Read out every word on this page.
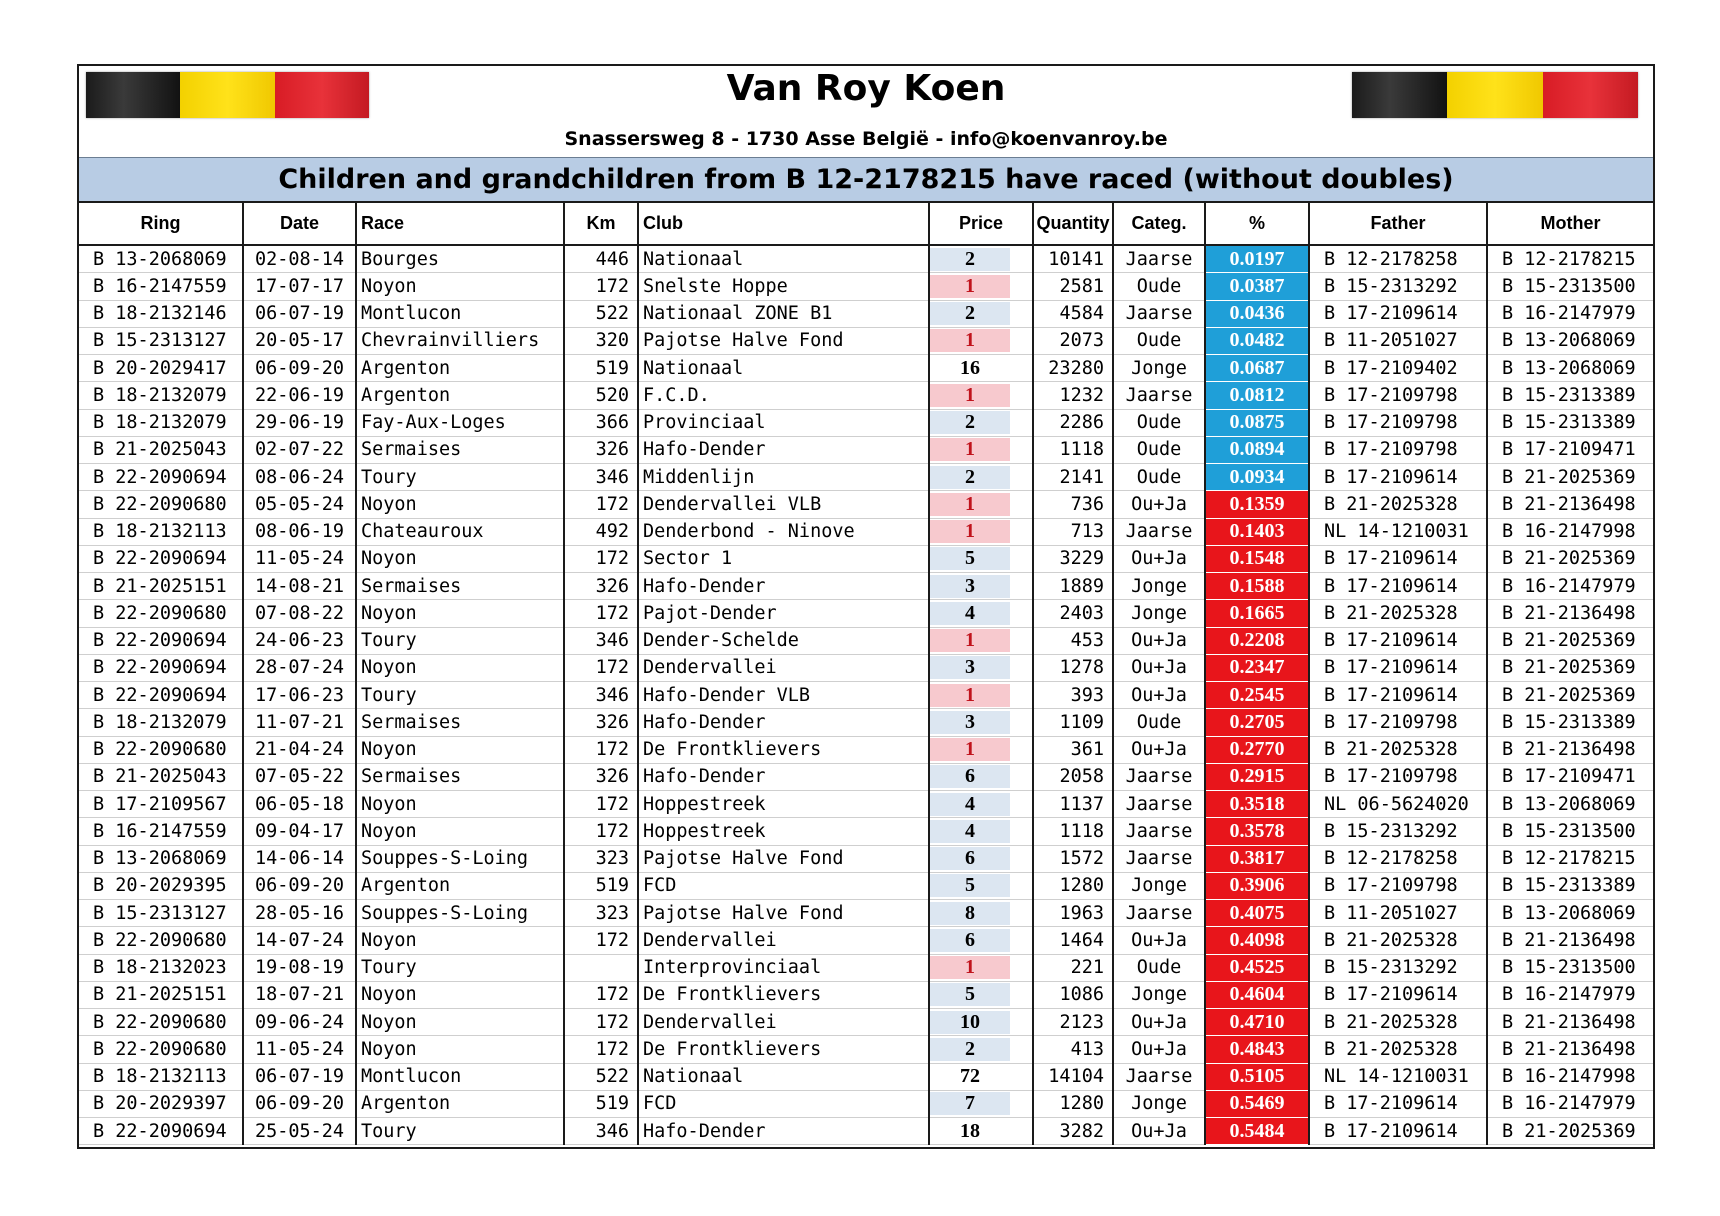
Van Roy Koen
Snassersweg 8 - 1730 Asse België - info@koenvanroy.be
Children and grandchildren from B 12-2178215 have raced (without doubles)
Ring	Date	Race	Km	Club	Price	Quantity	Categ.	%	Father	Mother
B 13-2068069	02-08-14	Bourges	446	Nationaal	2	10141	Jaarse	0.0197	B 12-2178258	B 12-2178215
B 16-2147559	17-07-17	Noyon	172	Snelste Hoppe	1	2581	Oude	0.0387	B 15-2313292	B 15-2313500
B 18-2132146	06-07-19	Montlucon	522	Nationaal ZONE B1	2	4584	Jaarse	0.0436	B 17-2109614	B 16-2147979
B 15-2313127	20-05-17	Chevrainvilliers	320	Pajotse Halve Fond	1	2073	Oude	0.0482	B 11-2051027	B 13-2068069
B 20-2029417	06-09-20	Argenton	519	Nationaal	16	23280	Jonge	0.0687	B 17-2109402	B 13-2068069
B 18-2132079	22-06-19	Argenton	520	F.C.D.	1	1232	Jaarse	0.0812	B 17-2109798	B 15-2313389
B 18-2132079	29-06-19	Fay-Aux-Loges	366	Provinciaal	2	2286	Oude	0.0875	B 17-2109798	B 15-2313389
B 21-2025043	02-07-22	Sermaises	326	Hafo-Dender	1	1118	Oude	0.0894	B 17-2109798	B 17-2109471
B 22-2090694	08-06-24	Toury	346	Middenlijn	2	2141	Oude	0.0934	B 17-2109614	B 21-2025369
B 22-2090680	05-05-24	Noyon	172	Dendervallei VLB	1	736	Ou+Ja	0.1359	B 21-2025328	B 21-2136498
B 18-2132113	08-06-19	Chateauroux	492	Denderbond - Ninove	1	713	Jaarse	0.1403	NL 14-1210031	B 16-2147998
B 22-2090694	11-05-24	Noyon	172	Sector 1	5	3229	Ou+Ja	0.1548	B 17-2109614	B 21-2025369
B 21-2025151	14-08-21	Sermaises	326	Hafo-Dender	3	1889	Jonge	0.1588	B 17-2109614	B 16-2147979
B 22-2090680	07-08-22	Noyon	172	Pajot-Dender	4	2403	Jonge	0.1665	B 21-2025328	B 21-2136498
B 22-2090694	24-06-23	Toury	346	Dender-Schelde	1	453	Ou+Ja	0.2208	B 17-2109614	B 21-2025369
B 22-2090694	28-07-24	Noyon	172	Dendervallei	3	1278	Ou+Ja	0.2347	B 17-2109614	B 21-2025369
B 22-2090694	17-06-23	Toury	346	Hafo-Dender VLB	1	393	Ou+Ja	0.2545	B 17-2109614	B 21-2025369
B 18-2132079	11-07-21	Sermaises	326	Hafo-Dender	3	1109	Oude	0.2705	B 17-2109798	B 15-2313389
B 22-2090680	21-04-24	Noyon	172	De Frontklievers	1	361	Ou+Ja	0.2770	B 21-2025328	B 21-2136498
B 21-2025043	07-05-22	Sermaises	326	Hafo-Dender	6	2058	Jaarse	0.2915	B 17-2109798	B 17-2109471
B 17-2109567	06-05-18	Noyon	172	Hoppestreek	4	1137	Jaarse	0.3518	NL 06-5624020	B 13-2068069
B 16-2147559	09-04-17	Noyon	172	Hoppestreek	4	1118	Jaarse	0.3578	B 15-2313292	B 15-2313500
B 13-2068069	14-06-14	Souppes-S-Loing	323	Pajotse Halve Fond	6	1572	Jaarse	0.3817	B 12-2178258	B 12-2178215
B 20-2029395	06-09-20	Argenton	519	FCD	5	1280	Jonge	0.3906	B 17-2109798	B 15-2313389
B 15-2313127	28-05-16	Souppes-S-Loing	323	Pajotse Halve Fond	8	1963	Jaarse	0.4075	B 11-2051027	B 13-2068069
B 22-2090680	14-07-24	Noyon	172	Dendervallei	6	1464	Ou+Ja	0.4098	B 21-2025328	B 21-2136498
B 18-2132023	19-08-19	Toury		Interprovinciaal	1	221	Oude	0.4525	B 15-2313292	B 15-2313500
B 21-2025151	18-07-21	Noyon	172	De Frontklievers	5	1086	Jonge	0.4604	B 17-2109614	B 16-2147979
B 22-2090680	09-06-24	Noyon	172	Dendervallei	10	2123	Ou+Ja	0.4710	B 21-2025328	B 21-2136498
B 22-2090680	11-05-24	Noyon	172	De Frontklievers	2	413	Ou+Ja	0.4843	B 21-2025328	B 21-2136498
B 18-2132113	06-07-19	Montlucon	522	Nationaal	72	14104	Jaarse	0.5105	NL 14-1210031	B 16-2147998
B 20-2029397	06-09-20	Argenton	519	FCD	7	1280	Jonge	0.5469	B 17-2109614	B 16-2147979
B 22-2090694	25-05-24	Toury	346	Hafo-Dender	18	3282	Ou+Ja	0.5484	B 17-2109614	B 21-2025369
